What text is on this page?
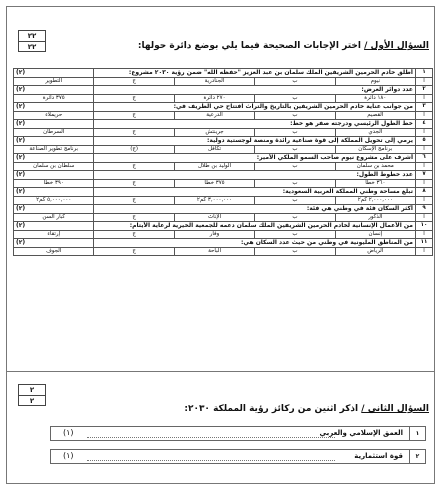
٢٢
٢٢	السؤال الأول / اختر الإجابات الصحيحة فيما يلي بوضع دائرة حولها:
١	أطلق خادم الحرمين الشريفين الملك سلمان بن عبد العزيز "حفظه الله" ضمن رؤية ٢٠٣٠ مشروع:				(٢)
أ	نيوم	ب	الجنادرية	ج	التطوير
٢	عدد دوائر العرض:				(٢)
أ	١٨٠ دائرة	ب	٢٧٠ دائرة	ج	٣٧٥ دائرة
٣	من جوانب عناية خادم الحرمين الشريفين بالتاريخ والتراث افتتاح حي الطريف في:				(٢)
أ	القصيم	ب	الدرعية	ج	حريملاء
٤	خط الطول الرئيسي ودرجته صفر هو خط:				(٢)
أ	الجدي	ب	جرينتش	ج	السرطان
٥	يرمي إلى تحويل المملكة إلى قوة صناعية رائدة ومنصة لوجستية دولية:				(٢)
أ	برنامج الإسكان	ب	تكافل	(ج)	برنامج تطوير الصناعة
٦	أشرف على مشروع نيوم صاحب السمو الملكي الأمير:				(٢)
أ	محمد بن سلمان	ب	الوليد بن طلال	ج	سلطان بن سلمان
٧	عدد خطوط الطول:				(٢)
أ	٣٦٠ خطاً	ب	٣٧٥ خطاً	ج	٣٩٠ خطاً
٨	تبلغ مساحة وطني المملكة العربية السعودية:				(٢)
أ	٢,٠٠٠,٠٠٠ كم٢	ب	٣,٠٠٠,٠٠٠ كم٢	ج	٥,٠٠٠,٠٠٠ كم٢
٩	أكثر السكان فئة في وطني هي فئة:				(٢)
أ	الذكور	ب	الإناث	ج	كبار السن
١٠	من الأعمال الإنسانية لخادم الحرمين الشريفين الملك سلمان دعمه للجمعية الخيرية لرعاية الأيتام:				(٢)
أ	إنسان	ب	وفار	ج	إرتقاء
١١	من المناطق المليونية في وطني من حيث عدد السكان هي:				(٢)
أ	الرياض	ب	الباحة	ج	الجوف
٢
٢
السؤال الثاني / اذكر اثنين من ركائز رؤية المملكة ٢٠٣٠:
١
العمق الإسلامي والعربي
(١)
٢
قوة استثمارية
(١)
